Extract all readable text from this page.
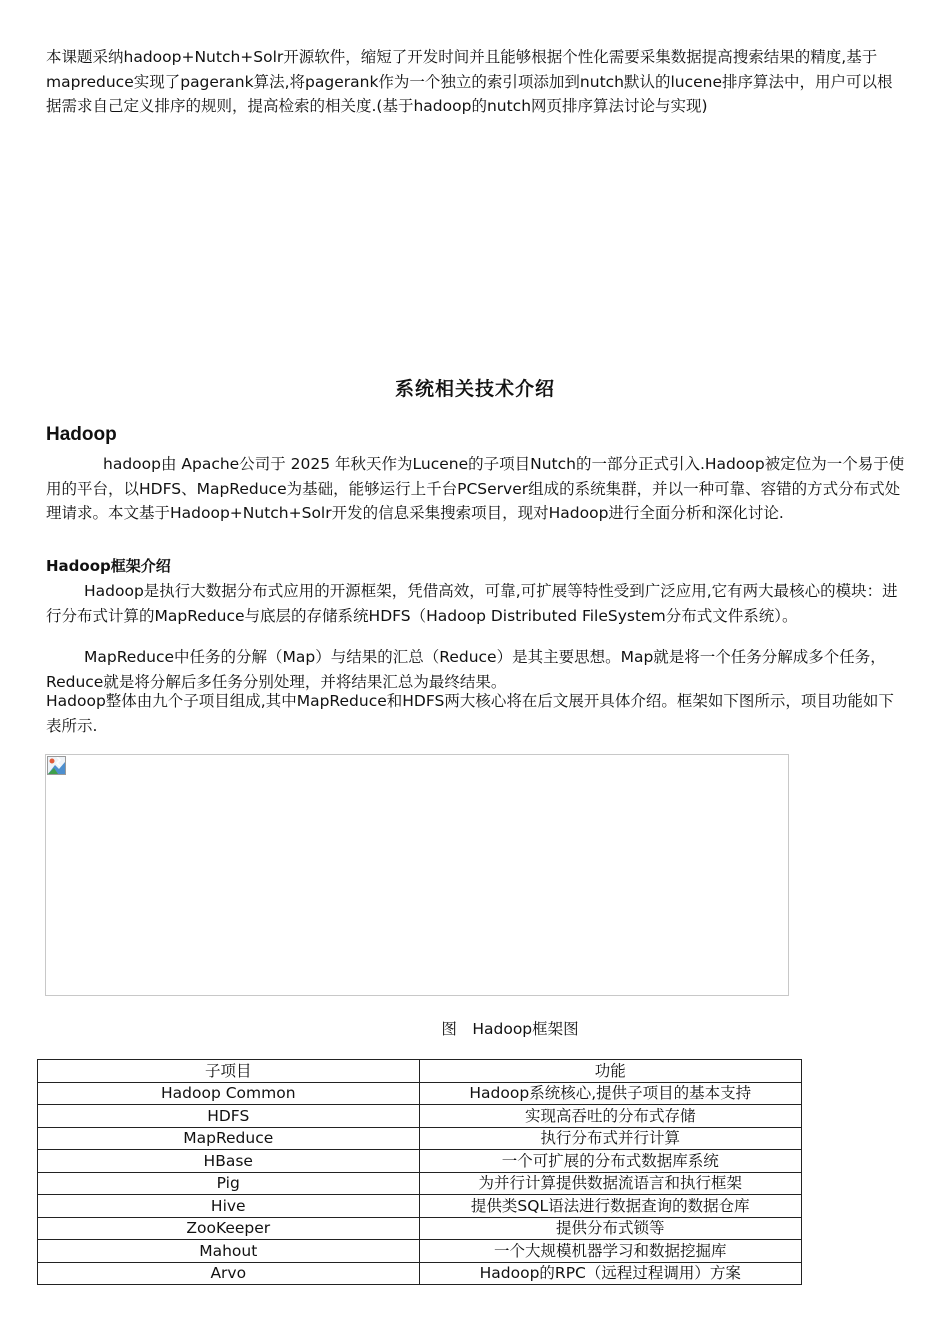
本课题采纳hadoop+Nutch+Solr开源软件，缩短了开发时间并且能够根据个性化需要采集数据提高搜索结果的精度,基于mapreduce实现了pagerank算法,将pagerank作为一个独立的索引项添加到nutch默认的lucene排序算法中，用户可以根据需求自己定义排序的规则，提高检索的相关度.(基于hadoop的nutch网页排序算法讨论与实现)

系统相关技术介绍
Hadoop

hadoop由 Apache公司于 2025 年秋天作为Lucene的子项目Nutch的一部分正式引入.Hadoop被定位为一个易于使用的平台，以HDFS、MapReduce为基础，能够运行上千台PCServer组成的系统集群，并以一种可靠、容错的方式分布式处理请求。本文基于Hadoop+Nutch+Solr开发的信息采集搜索项目，现对Hadoop进行全面分析和深化讨论.

Hadoop框架介绍

Hadoop是执行大数据分布式应用的开源框架，凭借高效，可靠,可扩展等特性受到广泛应用,它有两大最核心的模块：进行分布式计算的MapReduce与底层的存储系统HDFS（Hadoop Distributed FileSystem分布式文件系统）。

MapReduce中任务的分解（Map）与结果的汇总（Reduce）是其主要思想。Map就是将一个任务分解成多个任务，Reduce就是将分解后多任务分别处理，并将结果汇总为最终结果。

Hadoop整体由九个子项目组成,其中MapReduce和HDFS两大核心将在后文展开具体介绍。框架如下图所示，项目功能如下表所示.

图　Hadoop框架图
子项目	功能
Hadoop Common	Hadoop系统核心,提供子项目的基本支持
HDFS	实现高吞吐的分布式存储
MapReduce	执行分布式并行计算
HBase	一个可扩展的分布式数据库系统
Pig	为并行计算提供数据流语言和执行框架
Hive	提供类SQL语法进行数据查询的数据仓库
ZooKeeper	提供分布式锁等
Mahout	一个大规模机器学习和数据挖掘库
Arvo	Hadoop的RPC（远程过程调用）方案
